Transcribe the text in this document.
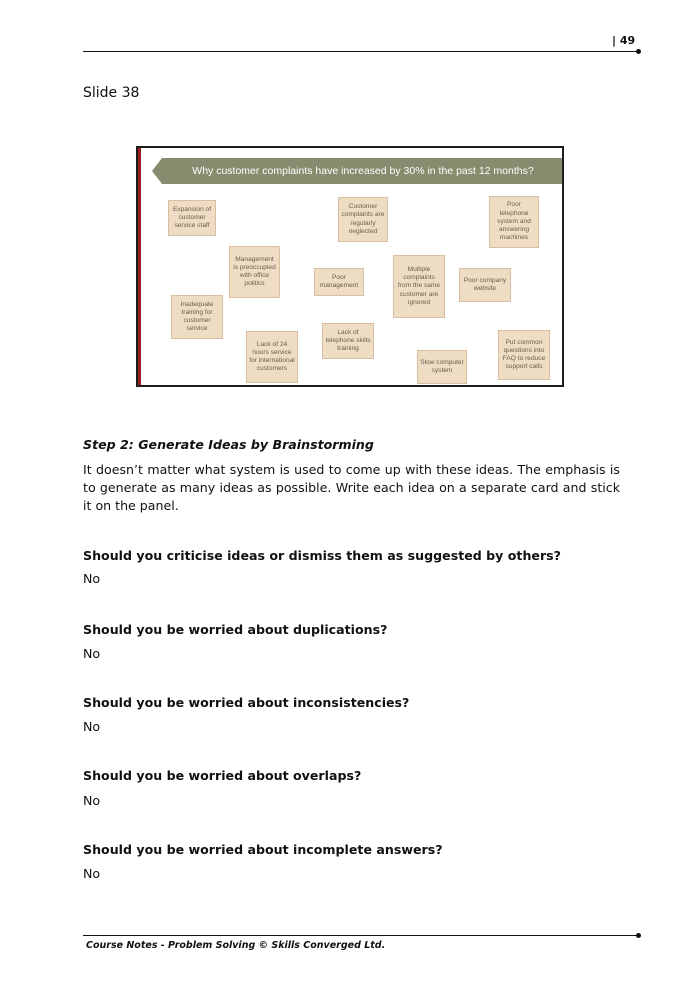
| 49
Slide 38
Why customer complaints have increased by 30% in the past 12 months?
Expansion of customer service staff
Customer complaints are regularly neglected
Poor telephone system and answering machines
Management is preoccupied with office politics
Poor management
Multiple complaints from the same customer are ignored
Poor company website
Inadequate training for customer service	Lack of telephone skills training
Lack of 24 hours service for international customers
Slow computer system
Put common questions into FAQ to reduce support calls
Step 2: Generate Ideas by Brainstorming
It doesn’t matter what system is used to come up with these ideas. The emphasis is to generate as many ideas as possible. Write each idea on a separate card and stick it on the panel.
Should you criticise ideas or dismiss them as suggested by others?
No
Should you be worried about duplications?
No
Should you be worried about inconsistencies?
No
Should you be worried about overlaps?
No
Should you be worried about incomplete answers?
No
Course Notes - Problem Solving © Skills Converged Ltd.
